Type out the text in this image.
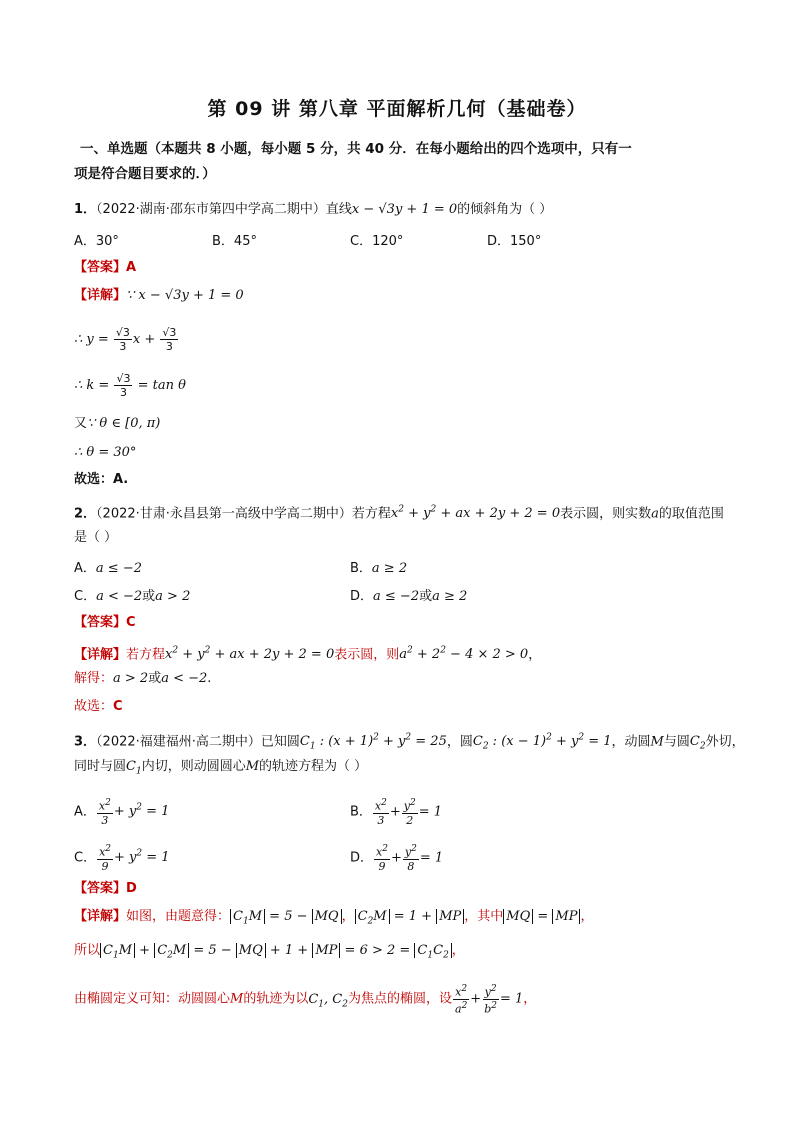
第 09 讲 第八章 平面解析几何（基础卷）
一、单选题（本题共 8 小题，每小题 5 分，共 40 分．在每小题给出的四个选项中，只有一
项是符合题目要求的．）
1．（2022·湖南·邵东市第四中学高二期中）直线x − √3y + 1 = 0的倾斜角为（ ）
A．30°	B．45°	C．120°	D．150°
【答案】A
【详解】∵ x − √3y + 1 = 0
∴ $y = \frac{√3}{3}$ $x + \frac{√3}{3}$
∴ $k = \frac{√3}{3} = \tan \theta$
又∵ θ ∈ [0, π)
∴ θ = 30°
故选：A.
2．（2022·甘肃·永昌县第一高级中学高二期中）若方程$x^2 + y^2$ + ax + 2y + 2 = 0表示圆，则实数a的取值范围
是（ ）
A．a ≤ −2	B．a ≥ 2
C．a < −2或a > 2	D．a ≤ −2或a ≥ 2
【答案】C
【详解】若方程$x^2 + y^2$ + ax + 2y + 2 = 0表示圆，则$a^2 + 2^2 - 4 \times 2 > 0$，
解得：a > 2或a < −2.
故选：C
3．（2022·福建福州·高二期中）已知圆$C_1$ : $(x + 1)^2 + y^2 = 25$，圆$C_2$ : $(x - 1)^2 + y^2 = 1$，动圆M与圆$C_2$外切，
同时与圆$C_1$内切，则动圆圆心M的轨迹方程为（ ）
A． $\frac{x^2}{3} + y^2 = 1$	B． $\frac{x^2}{3} + \frac{y^2}{2} = 1$
C． $\frac{x^2}{9} + y^2 = 1$	D． $\frac{x^2}{9} + \frac{y^2}{8} = 1$
【答案】D
【详解】如图，由题意得： $C_1M = 5$ − MQ ， $C_2M = 1$ + MP ，其中 MQ = MP ，
所以 $C_1M + C_2M = 5$ − MQ + 1 + MP = $6 > 2 = C_1C_2$ ，
由椭圆定义可知：动圆圆心M的轨迹为以$C_1$, $C_2$为焦点的椭圆，设 $\frac{x^2}{a^2} + \frac{y^2}{b^2} = 1$，
